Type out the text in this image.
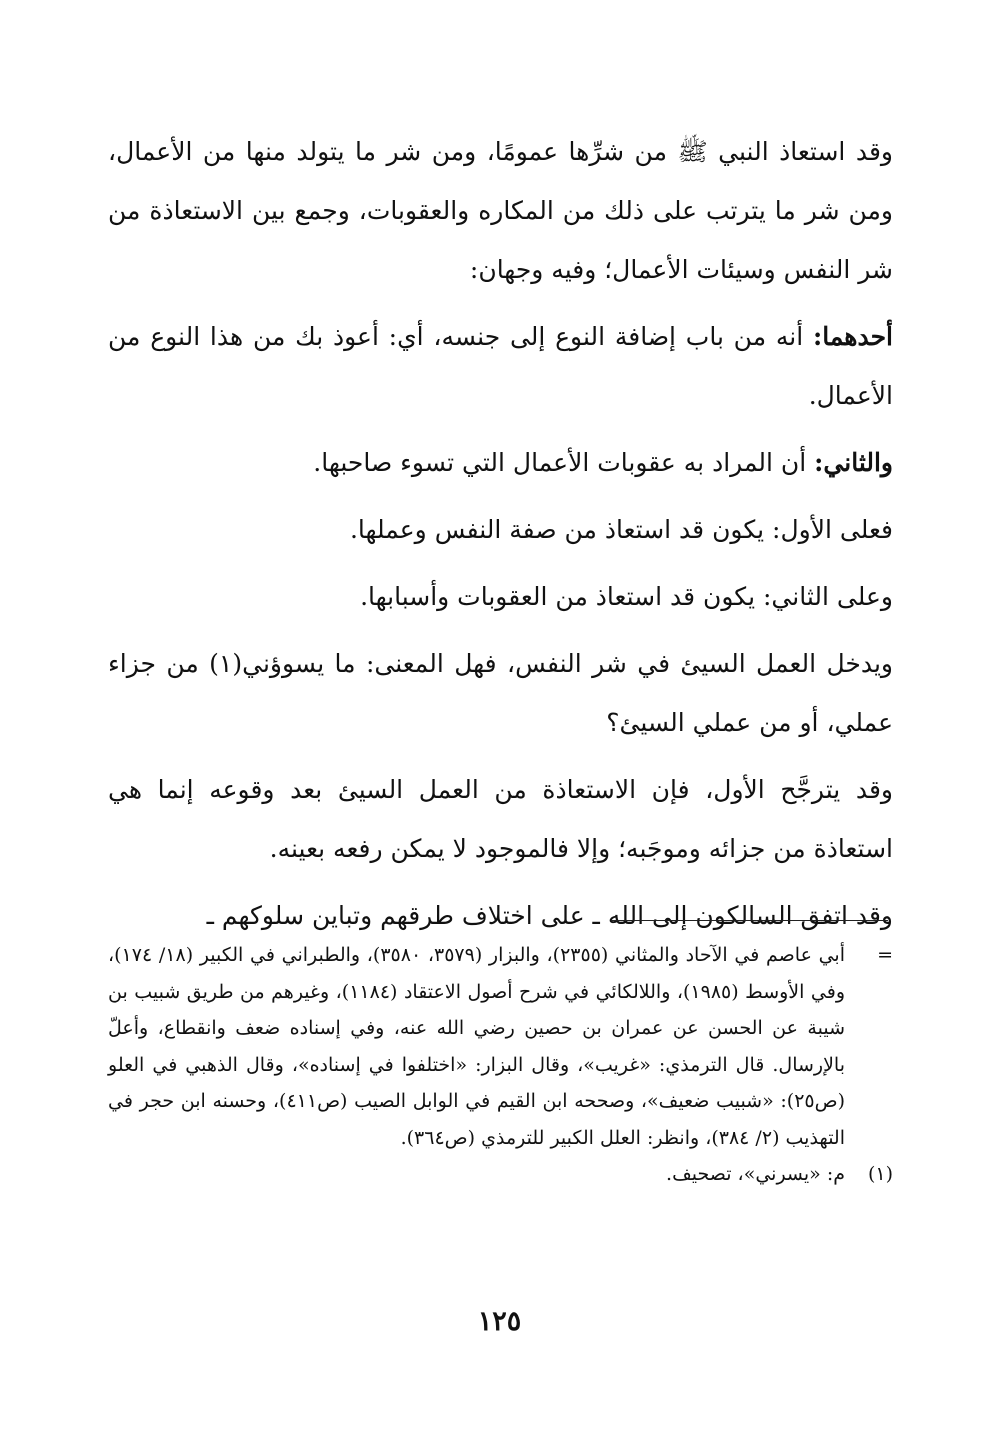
وقد استعاذ النبي ﷺ من شرِّها عمومًا، ومن شر ما يتولد منها من الأعمال، ومن شر ما يترتب على ذلك من المكاره والعقوبات، وجمع بين الاستعاذة من شر النفس وسيئات الأعمال؛ وفيه وجهان:

أحدهما: أنه من باب إضافة النوع إلى جنسه، أي: أعوذ بك من هذا النوع من الأعمال.

والثاني: أن المراد به عقوبات الأعمال التي تسوء صاحبها.

فعلى الأول: يكون قد استعاذ من صفة النفس وعملها.

وعلى الثاني: يكون قد استعاذ من العقوبات وأسبابها.

ويدخل العمل السيئ في شر النفس، فهل المعنى: ما يسوؤني(١) من جزاء عملي، أو من عملي السيئ؟

وقد يترجَّح الأول، فإن الاستعاذة من العمل السيئ بعد وقوعه إنما هي استعاذة من جزائه وموجَبه؛ وإلا فالموجود لا يمكن رفعه بعينه.

وقد اتفق السالكون إلى الله ـ على اختلاف طرقهم وتباين سلوكهم ـ

=
أبي عاصم في الآحاد والمثاني (٢٣٥٥)، والبزار (٣٥٧٩، ٣٥٨٠)، والطبراني في الكبير (١٨/ ١٧٤)، وفي الأوسط (١٩٨٥)، واللالكائي في شرح أصول الاعتقاد (١١٨٤)، وغيرهم من طريق شبيب بن شيبة عن الحسن عن عمران بن حصين رضي الله عنه، وفي إسناده ضعف وانقطاع، وأعلّ بالإرسال. قال الترمذي: «غريب»، وقال البزار: «اختلفوا في إسناده»، وقال الذهبي في العلو (ص٢٥): «شبيب ضعيف»، وصححه ابن القيم في الوابل الصيب (ص٤١١)، وحسنه ابن حجر في التهذيب (٢/ ٣٨٤)، وانظر: العلل الكبير للترمذي (ص٣٦٤).

(١)
م: «يسرني»، تصحيف.

١٢٥
